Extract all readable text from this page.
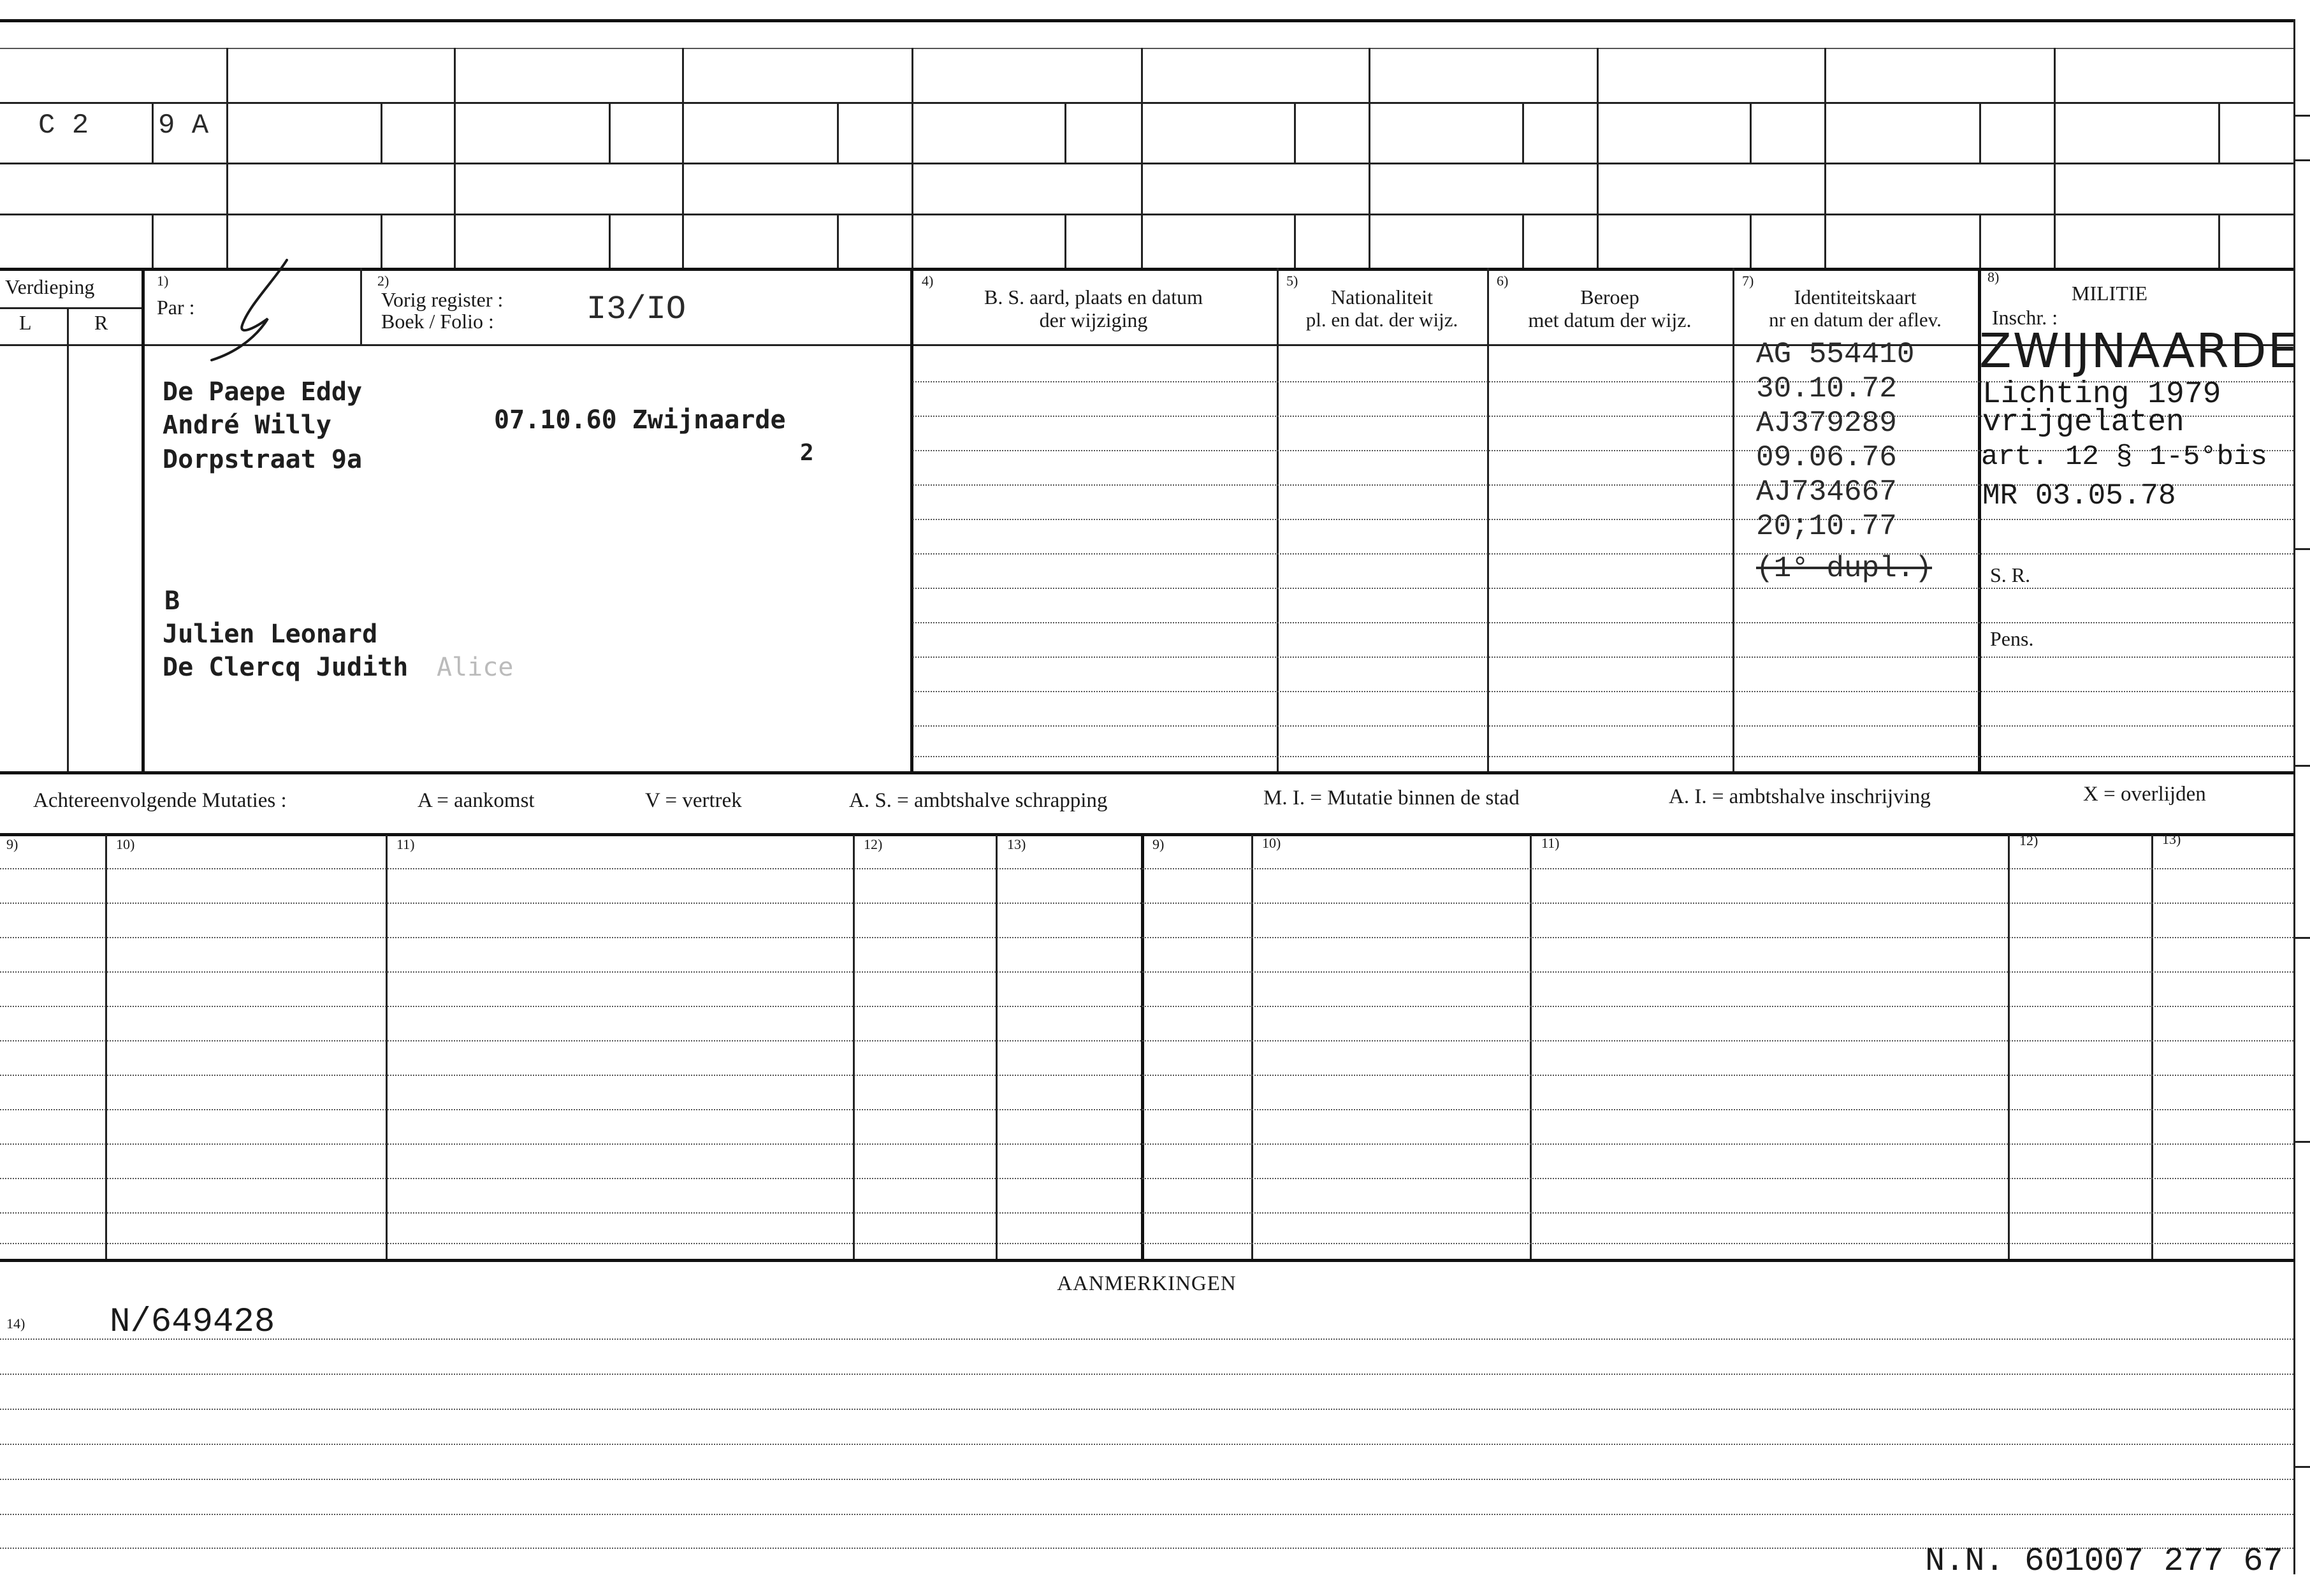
C 2 9 A
Verdieping
L	R
1)
Par :
2)
Vorig register :
Boek / Folio :	I3/IO
4)
B. S. aard, plaats en datum
der wijziging
5)
Nationaliteit
pl. en dat. der wijz.
6)
Beroep
met datum der wijz.
7)
Identiteitskaart
nr en datum der aflev.
8)
MILITIE
Inschr. :
De Paepe Eddy
André Willy
Dorpstraat 9a
07.10.60 Zwijnaarde
2
B
Julien Leonard
De Clercq Judith Alice
AG 554410
30.10.72
AJ379289
09.06.76
AJ734667
20;10.77
(1° dupl.)
ZWIJNAARDE
Lichting 1979
vrijgelaten
art. 12 § 1-5°bis
MR 03.05.78
S. R.
Pens.
Achtereenvolgende Mutaties :	A = aankomst	V = vertrek	A. S. = ambtshalve schrapping	M. I. = Mutatie binnen de stad	A. I. = ambtshalve inschrijving	X = overlijden
9)	10)	11)	12)	13)	9)	10)	11)	12)	13)
AANMERKINGEN
14) N/649428
N.N. 601007 277 67
